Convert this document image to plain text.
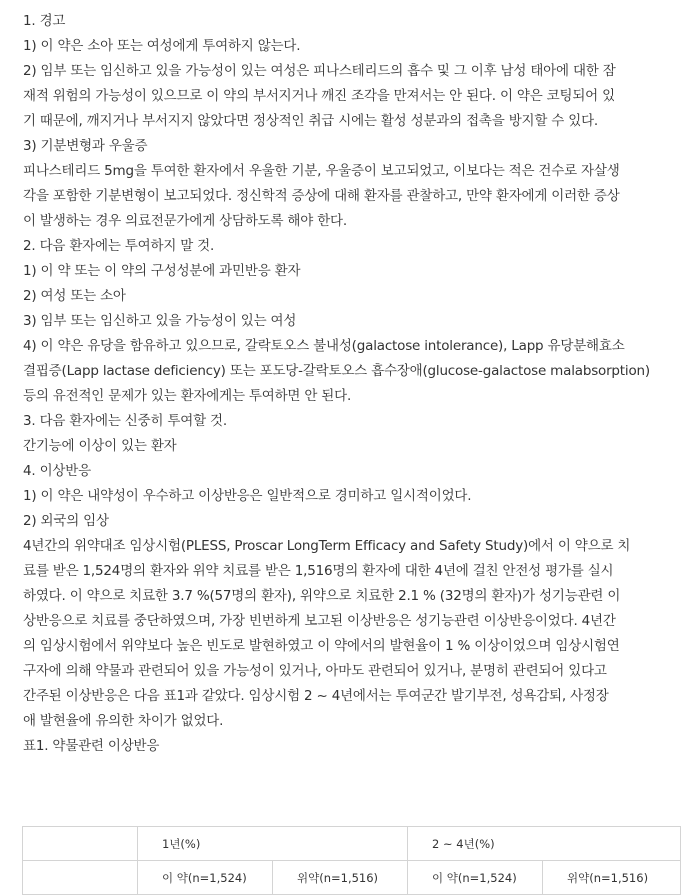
1. 경고

1) 이 약은 소아 또는 여성에게 투여하지 않는다.

2) 임부 또는 임신하고 있을 가능성이 있는 여성은 피나스테리드의 흡수 및 그 이후 남성 태아에 대한 잠

재적 위험의 가능성이 있으므로 이 약의 부서지거나 깨진 조각을 만져서는 안 된다. 이 약은 코팅되어 있

기 때문에, 깨지거나 부서지지 않았다면 정상적인 취급 시에는 활성 성분과의 접촉을 방지할 수 있다.

3) 기분변형과 우울증

피나스테리드 5mg을 투여한 환자에서 우울한 기분, 우울증이 보고되었고, 이보다는 적은 건수로 자살생

각을 포함한 기분변형이 보고되었다. 정신학적 증상에 대해 환자를 관찰하고, 만약 환자에게 이러한 증상

이 발생하는 경우 의료전문가에게 상담하도록 해야 한다.

2. 다음 환자에는 투여하지 말 것.

1) 이 약 또는 이 약의 구성성분에 과민반응 환자

2) 여성 또는 소아

3) 임부 또는 임신하고 있을 가능성이 있는 여성

4) 이 약은 유당을 함유하고 있으므로, 갈락토오스 불내성(galactose intolerance), Lapp 유당분해효소

결핍증(Lapp lactase deficiency) 또는 포도당-갈락토오스 흡수장애(glucose-galactose malabsorption)

등의 유전적인 문제가 있는 환자에게는 투여하면 안 된다.

3. 다음 환자에는 신중히 투여할 것.

간기능에 이상이 있는 환자

4. 이상반응

1) 이 약은 내약성이 우수하고 이상반응은 일반적으로 경미하고 일시적이었다.

2) 외국의 임상

4년간의 위약대조 임상시험(PLESS, Proscar LongTerm Efficacy and Safety Study)에서 이 약으로 치

료를 받은 1,524명의 환자와 위약 치료를 받은 1,516명의 환자에 대한 4년에 걸친 안전성 평가를 실시

하였다. 이 약으로 치료한 3.7 %(57명의 환자), 위약으로 치료한 2.1 % (32명의 환자)가 성기능관련 이

상반응으로 치료를 중단하였으며, 가장 빈번하게 보고된 이상반응은 성기능관련 이상반응이었다. 4년간

의 임상시험에서 위약보다 높은 빈도로 발현하였고 이 약에서의 발현율이 1 % 이상이었으며 임상시험연

구자에 의해 약물과 관련되어 있을 가능성이 있거나, 아마도 관련되어 있거나, 분명히 관련되어 있다고

간주된 이상반응은 다음 표1과 같았다. 임상시험 2 ~ 4년에서는 투여군간 발기부전, 성욕감퇴, 사정장

애 발현율에 유의한 차이가 없었다.

표1. 약물관련 이상반응

	1년(%)		2 ~ 4년(%)	
	이 약(n=1,524)	위약(n=1,516)	이 약(n=1,524)	위약(n=1,516)
